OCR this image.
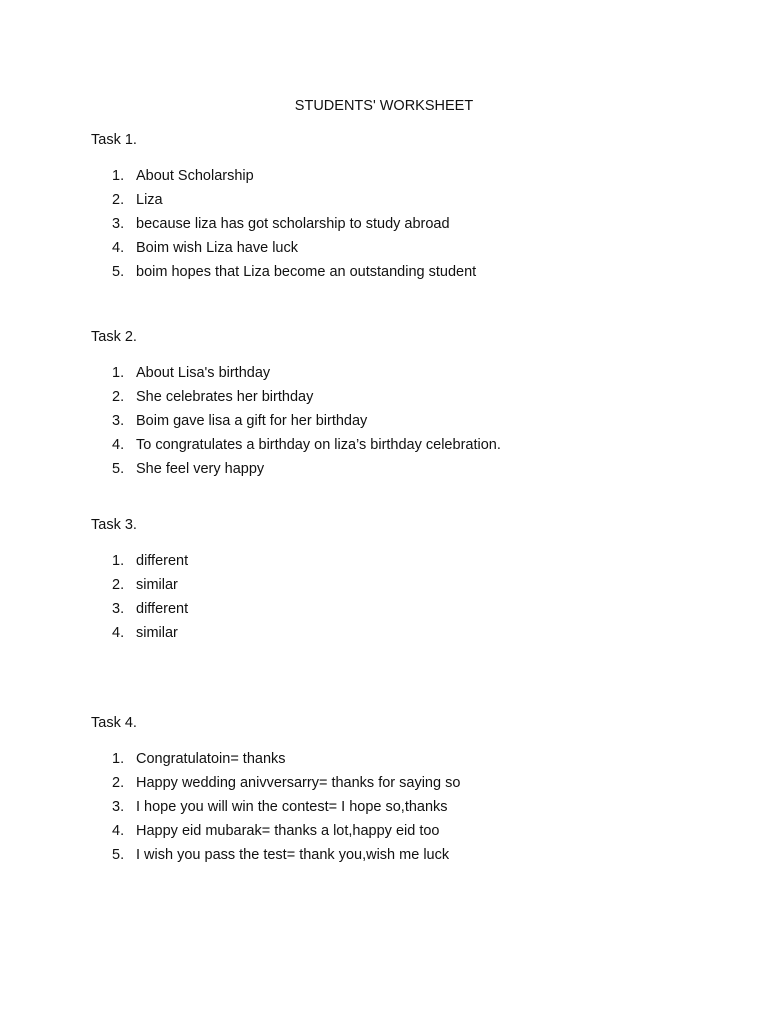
STUDENTS' WORKSHEET

Task 1.

1. About Scholarship
2. Liza
3. because liza has got scholarship to study abroad
4. Boim wish Liza have luck
5. boim hopes that Liza become an outstanding student

Task 2.

1. About Lisa's birthday
2. She celebrates her birthday
3. Boim gave lisa a gift for her birthday
4. To congratulates a birthday on liza’s birthday celebration.
5. She feel very happy

Task 3.

1. different
2. similar
3. different
4. similar

Task 4.

1. Congratulatoin= thanks
2. Happy wedding anivversarry= thanks for saying so
3. I hope you will win the contest= I hope so,thanks
4. Happy eid mubarak= thanks a lot,happy eid too
5. I wish you pass the test= thank you,wish me luck
